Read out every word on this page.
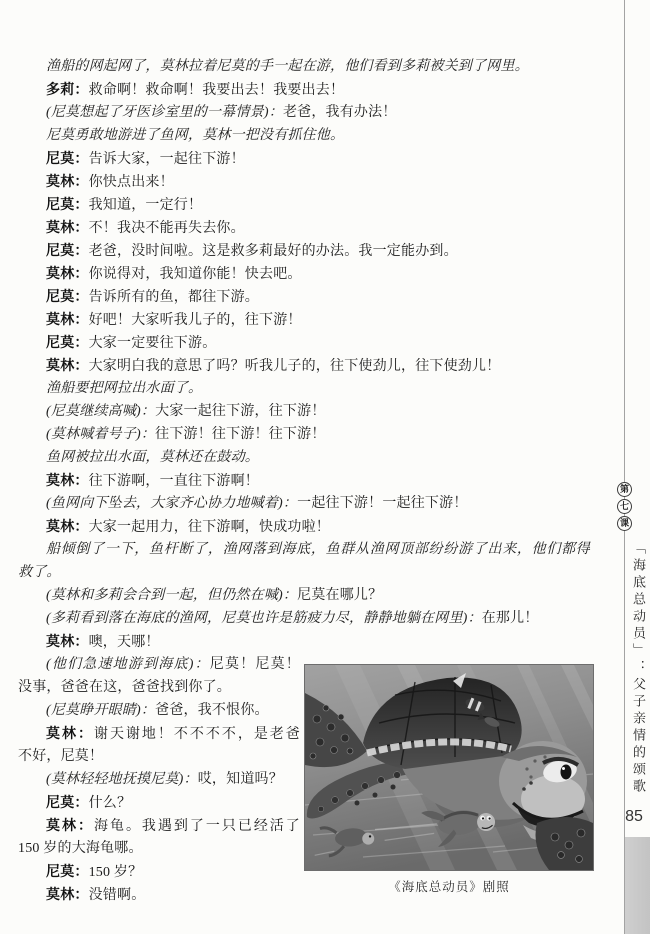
渔船的网起网了，莫林拉着尼莫的手一起在游，他们看到多莉被关到了网里。
多莉：救命啊！救命啊！我要出去！我要出去！
(尼莫想起了牙医诊室里的一幕情景)：老爸，我有办法！
尼莫勇敢地游进了鱼网，莫林一把没有抓住他。
尼莫：告诉大家，一起往下游！
莫林：你快点出来！
尼莫：我知道，一定行！
莫林：不！我决不能再失去你。
尼莫：老爸，没时间啦。这是救多莉最好的办法。我一定能办到。
莫林：你说得对，我知道你能！快去吧。
尼莫：告诉所有的鱼，都往下游。
莫林：好吧！大家听我儿子的，往下游！
尼莫：大家一定要往下游。
莫林：大家明白我的意思了吗？听我儿子的，往下使劲儿，往下使劲儿！
渔船要把网拉出水面了。
(尼莫继续高喊)：大家一起往下游，往下游！
(莫林喊着号子)：往下游！往下游！往下游！
鱼网被拉出水面，莫林还在鼓动。
莫林：往下游啊，一直往下游啊！
(鱼网向下坠去，大家齐心协力地喊着)：一起往下游！一起往下游！
莫林：大家一起用力，往下游啊，快成功啦！
船倾倒了一下，鱼杆断了，渔网落到海底，鱼群从渔网顶部纷纷游了出来，他们都得
救了。
(莫林和多莉会合到一起，但仍然在喊)：尼莫在哪儿？
(多莉看到落在海底的渔网，尼莫也许是筋疲力尽，静静地躺在网里)：在那儿！
莫林：噢，天哪！
(他们急速地游到海底)：尼莫！尼莫！
没事，爸爸在这，爸爸找到你了。
(尼莫睁开眼睛)：爸爸，我不恨你。
莫林：谢天谢地！不不不不，是老爸
不好，尼莫！
(莫林轻轻地抚摸尼莫)：哎，知道吗？
尼莫：什么？
莫林：海龟。我遇到了一只已经活了
150 岁的大海龟哪。
尼莫：150 岁？
莫林：没错啊。
《海底总动员》剧照
第
七
课
「海底总动员」：父子亲情的颂歌
85
